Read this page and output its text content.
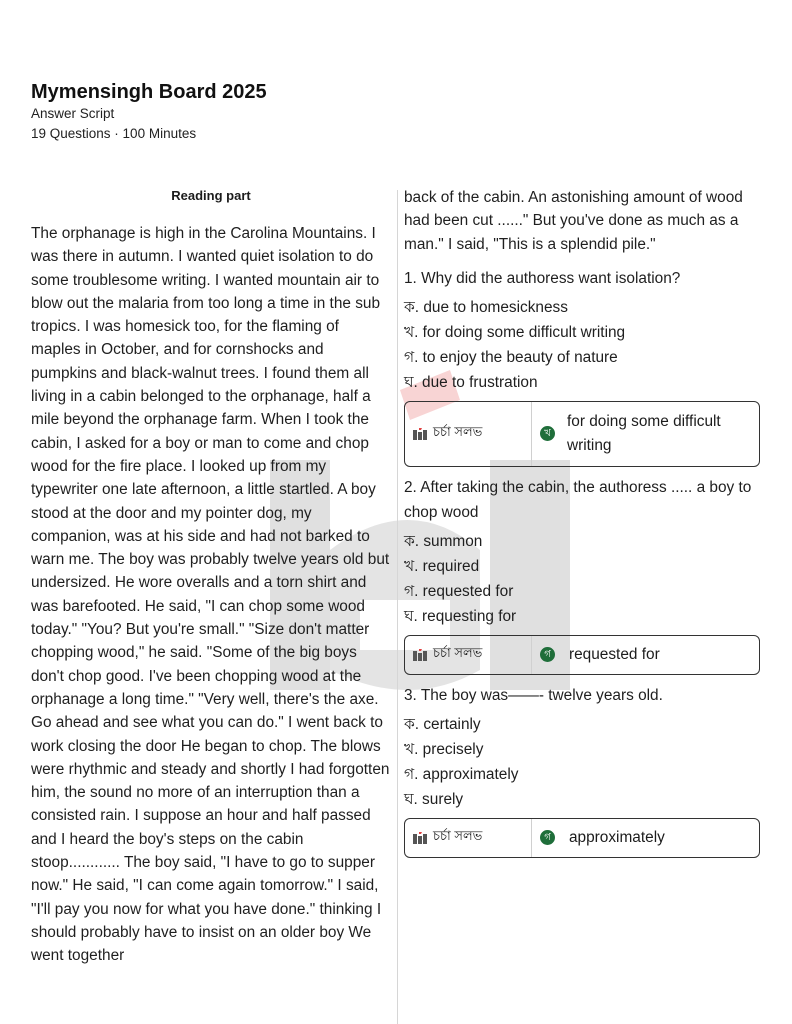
Mymensingh Board 2025
Answer Script
19 Questions · 100 Minutes
Reading part

The orphanage is high in the Carolina Mountains. I was there in autumn. I wanted quiet isolation to do some troublesome writing. I wanted mountain air to blow out the malaria from too long a time in the sub tropics. I was homesick too, for the flaming of maples in October, and for cornshocks and pumpkins and black-walnut trees. I found them all living in a cabin belonged to the orphanage, half a mile beyond the orphanage farm. When I took the cabin, I asked for a boy or man to come and chop wood for the fire place. I looked up from my typewriter one late afternoon, a little startled. A boy stood at the door and my pointer dog, my companion, was at his side and had not barked to warn me. The boy was probably twelve years old but undersized. He wore overalls and a torn shirt and was barefooted. He said, "I can chop some wood today." "You? But you're small." "Size don't matter chopping wood," he said. "Some of the big boys don't chop good. I've been chopping wood at the orphanage a long time." "Very well, there's the axe. Go ahead and see what you can do." I went back to work closing the door He began to chop. The blows were rhythmic and steady and shortly I had forgotten him, the sound no more of an interruption than a consisted rain. I suppose an hour and half passed and I heard the boy's steps on the cabin stoop............ The boy said, "I have to go to supper now." He said, "I can come again tomorrow." I said, "I'll pay you now for what you have done." thinking I should probably have to insist on an older boy We went together

back of the cabin. An astonishing amount of wood had been cut ......" But you've done as much as a man." I said, "This is a splendid pile."

1. Why did the authoress want isolation?
ক. due to homesickness
খ. for doing some difficult writing
গ. to enjoy the beauty of nature
ঘ. due to frustration
চর্চা সলভ	খ
for doing some difficult writing
2. After taking the cabin, the authoress ..... a boy to chop wood
ক. summon
খ. required
গ. requested for
ঘ. requesting for
চর্চা সলভ	গ requested for
3. The boy was——- twelve years old.
ক. certainly
খ. precisely
গ. approximately
ঘ. surely
চর্চা সলভ	গ approximately
